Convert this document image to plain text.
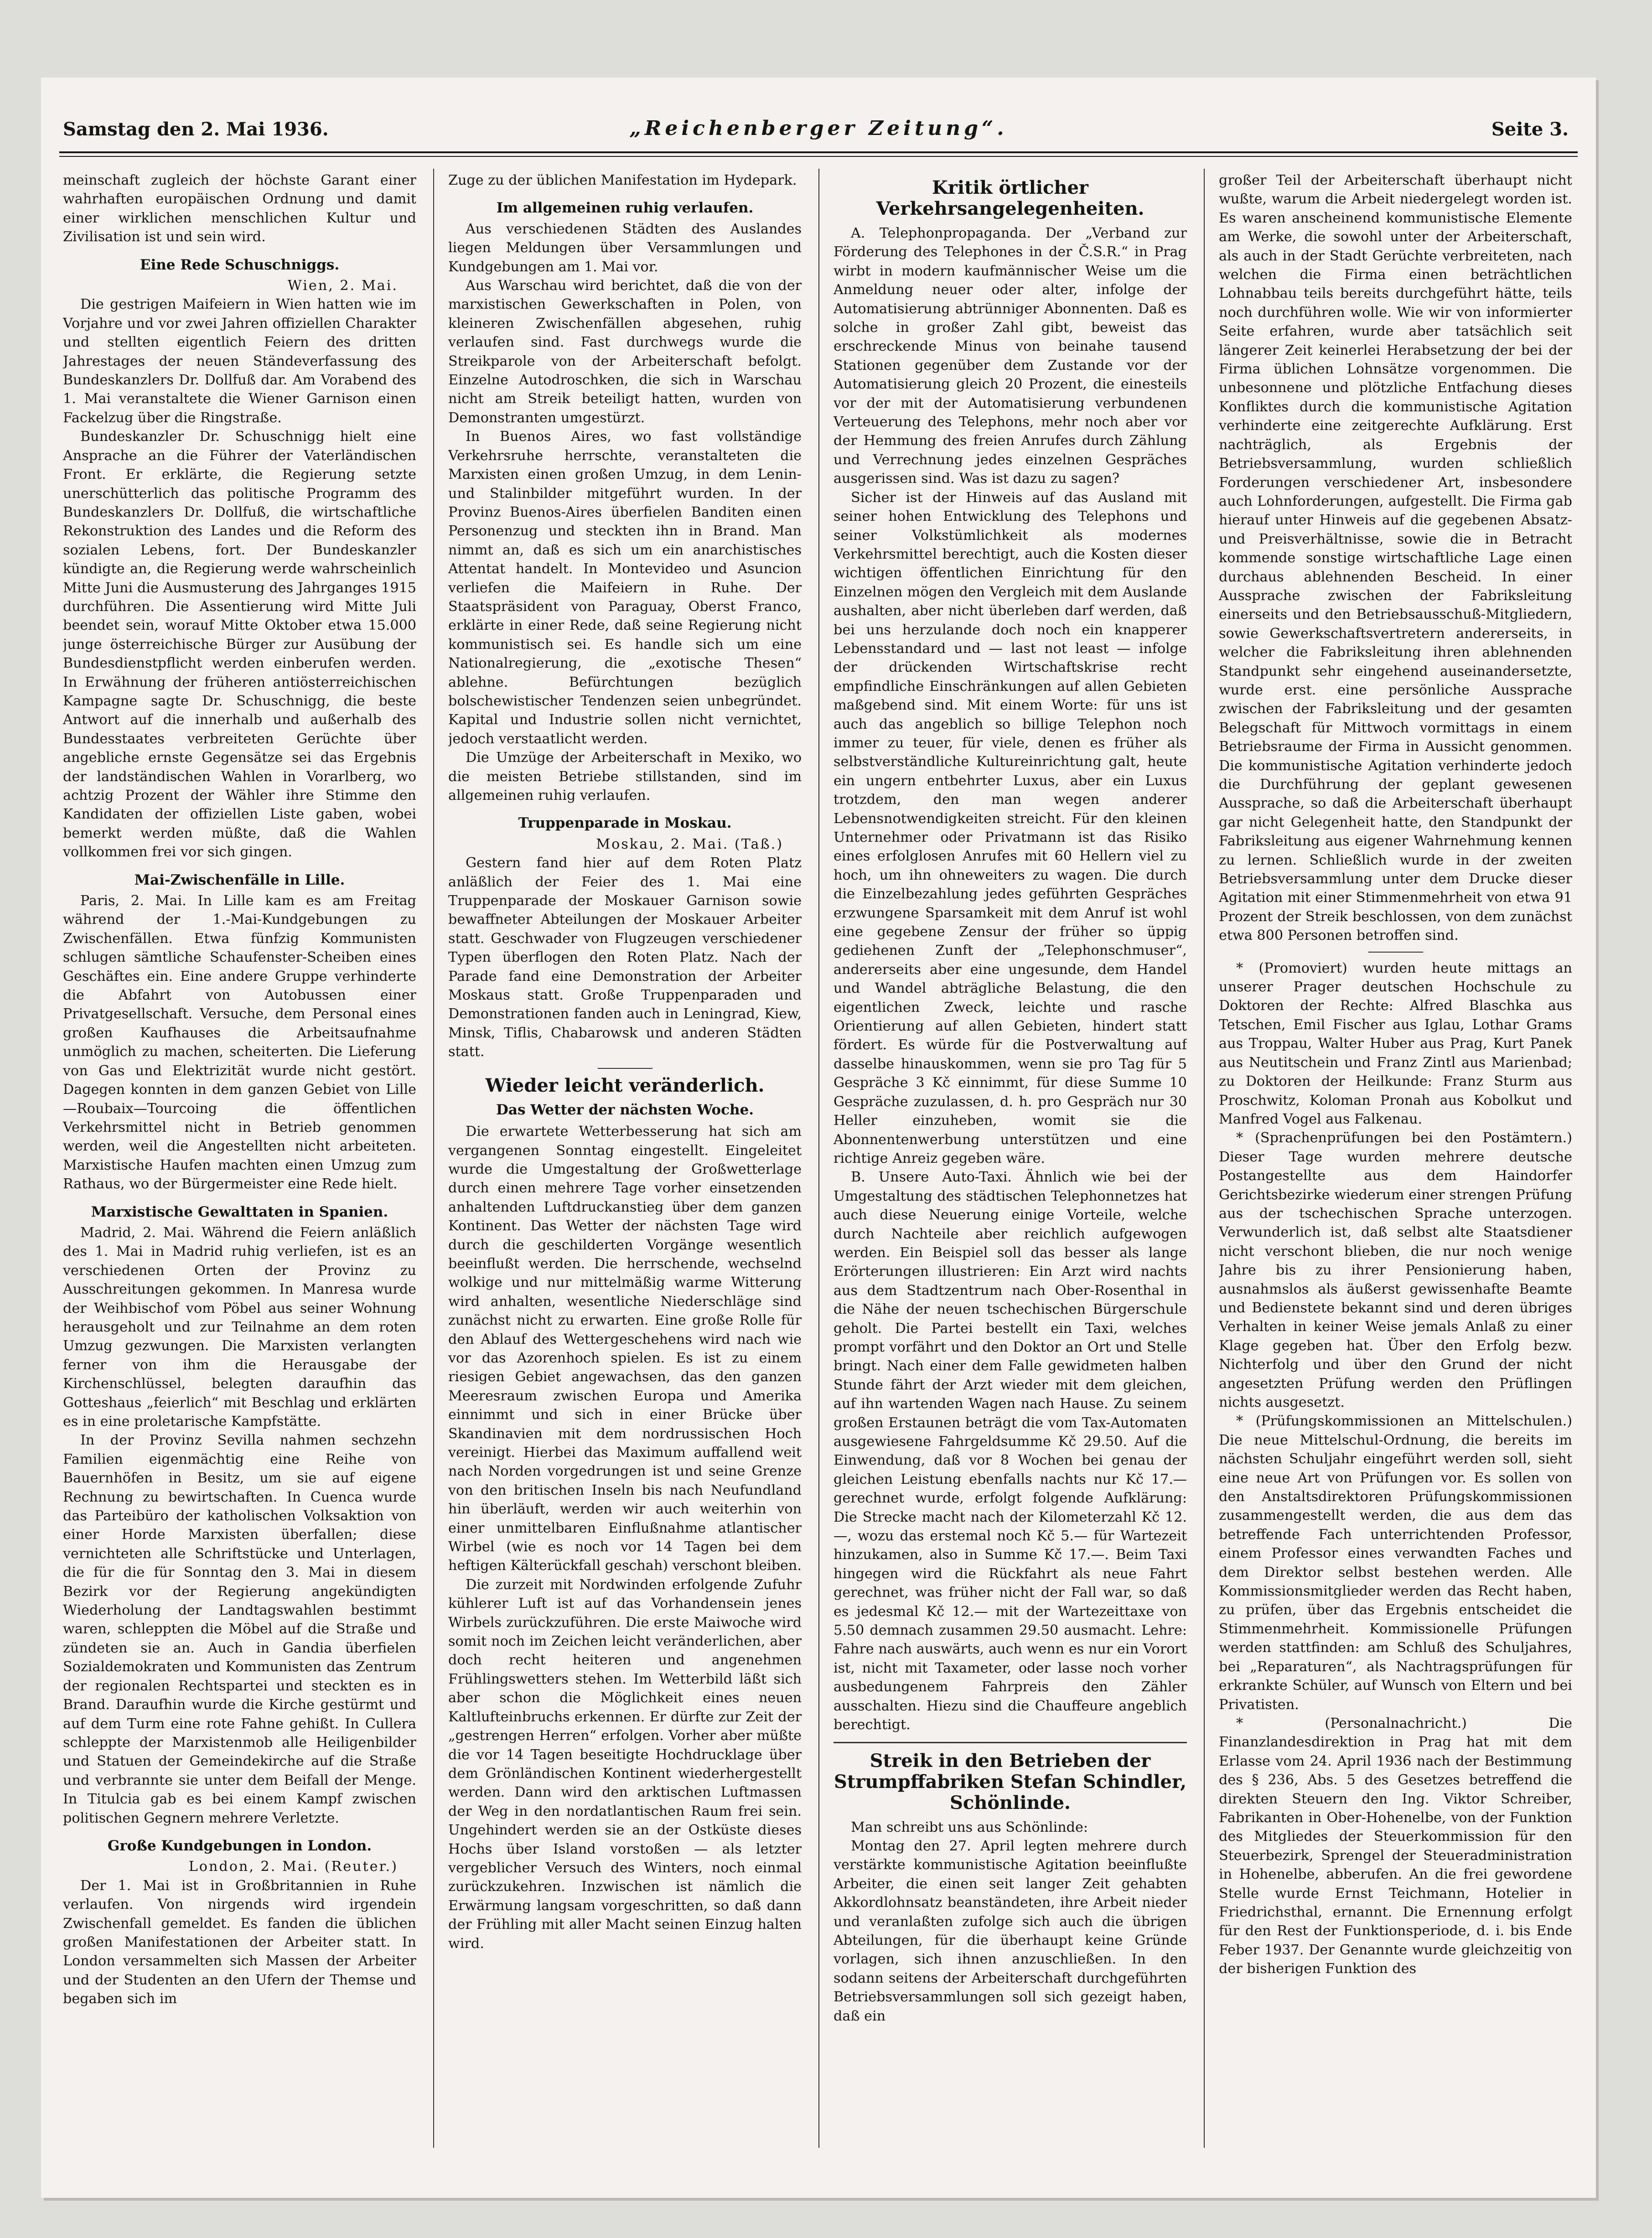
Samstag den 2. Mai 1936.	„Reichenberger Zeitung“.	Seite 3.

meinschaft zugleich der höchste Garant einer wahrhaften europäischen Ordnung und damit einer wirklichen menschlichen Kultur und Zivilisation ist und sein wird.

Eine Rede Schuschniggs.
Wien, 2. Mai.

Die gestrigen Maifeiern in Wien hatten wie im Vorjahre und vor zwei Jahren offiziellen Charakter und stellten eigentlich Feiern des dritten Jahrestages der neuen Ständeverfassung des Bundeskanzlers Dr. Dollfuß dar. Am Vorabend des 1. Mai veranstaltete die Wiener Garnison einen Fackelzug über die Ringstraße.

Bundeskanzler Dr. Schuschnigg hielt eine Ansprache an die Führer der Vaterländischen Front. Er erklärte, die Regierung setzte unerschütterlich das politische Programm des Bundeskanzlers Dr. Dollfuß, die wirtschaftliche Rekonstruktion des Landes und die Reform des sozialen Lebens, fort. Der Bundeskanzler kündigte an, die Regierung werde wahrscheinlich Mitte Juni die Ausmusterung des Jahrganges 1915 durchführen. Die Assentierung wird Mitte Juli beendet sein, worauf Mitte Oktober etwa 15.000 junge österreichische Bürger zur Ausübung der Bundesdienstpflicht werden einberufen werden. In Erwähnung der früheren antiösterreichischen Kampagne sagte Dr. Schuschnigg, die beste Antwort auf die innerhalb und außerhalb des Bundesstaates verbreiteten Gerüchte über angebliche ernste Gegensätze sei das Ergebnis der landständischen Wahlen in Vorarlberg, wo achtzig Prozent der Wähler ihre Stimme den Kandidaten der offiziellen Liste gaben, wobei bemerkt werden müßte, daß die Wahlen vollkommen frei vor sich gingen.

Mai-Zwischenfälle in Lille.

Paris, 2. Mai. In Lille kam es am Freitag während der 1.-Mai-Kundgebungen zu Zwischenfällen. Etwa fünfzig Kommunisten schlugen sämtliche Schaufenster-Scheiben eines Geschäftes ein. Eine andere Gruppe verhinderte die Abfahrt von Autobussen einer Privatgesellschaft. Versuche, dem Personal eines großen Kaufhauses die Arbeitsaufnahme unmöglich zu machen, scheiterten. Die Lieferung von Gas und Elektrizität wurde nicht gestört. Dagegen konnten in dem ganzen Gebiet von Lille—Roubaix—Tourcoing die öffentlichen Verkehrsmittel nicht in Betrieb genommen werden, weil die Angestellten nicht arbeiteten. Marxistische Haufen machten einen Umzug zum Rathaus, wo der Bürgermeister eine Rede hielt.

Marxistische Gewalttaten in Spanien.

Madrid, 2. Mai. Während die Feiern anläßlich des 1. Mai in Madrid ruhig verliefen, ist es an verschiedenen Orten der Provinz zu Ausschreitungen gekommen. In Manresa wurde der Weihbischof vom Pöbel aus seiner Wohnung herausgeholt und zur Teilnahme an dem roten Umzug gezwungen. Die Marxisten verlangten ferner von ihm die Herausgabe der Kirchenschlüssel, belegten daraufhin das Gotteshaus „feierlich“ mit Beschlag und erklärten es in eine proletarische Kampfstätte.

In der Provinz Sevilla nahmen sechzehn Familien eigenmächtig eine Reihe von Bauernhöfen in Besitz, um sie auf eigene Rechnung zu bewirtschaften. In Cuenca wurde das Parteibüro der katholischen Volksaktion von einer Horde Marxisten überfallen; diese vernichteten alle Schriftstücke und Unterlagen, die für die für Sonntag den 3. Mai in diesem Bezirk vor der Regierung angekündigten Wiederholung der Landtagswahlen bestimmt waren, schleppten die Möbel auf die Straße und zündeten sie an. Auch in Gandia überfielen Sozialdemokraten und Kommunisten das Zentrum der regionalen Rechtspartei und steckten es in Brand. Daraufhin wurde die Kirche gestürmt und auf dem Turm eine rote Fahne gehißt. In Cullera schleppte der Marxistenmob alle Heiligenbilder und Statuen der Gemeindekirche auf die Straße und verbrannte sie unter dem Beifall der Menge. In Titulcia gab es bei einem Kampf zwischen politischen Gegnern mehrere Verletzte.

Große Kundgebungen in London.
London, 2. Mai. (Reuter.)

Der 1. Mai ist in Großbritannien in Ruhe verlaufen. Von nirgends wird irgendein Zwischenfall gemeldet. Es fanden die üblichen großen Manifestationen der Arbeiter statt. In London versammelten sich Massen der Arbeiter und der Studenten an den Ufern der Themse und begaben sich im

Zuge zu der üblichen Manifestation im Hydepark.

Im allgemeinen ruhig verlaufen.

Aus verschiedenen Städten des Auslandes liegen Meldungen über Versammlungen und Kundgebungen am 1. Mai vor.

Aus Warschau wird berichtet, daß die von der marxistischen Gewerkschaften in Polen, von kleineren Zwischenfällen abgesehen, ruhig verlaufen sind. Fast durchwegs wurde die Streikparole von der Arbeiterschaft befolgt. Einzelne Autodroschken, die sich in Warschau nicht am Streik beteiligt hatten, wurden von Demonstranten umgestürzt.

In Buenos Aires, wo fast vollständige Verkehrsruhe herrschte, veranstalteten die Marxisten einen großen Umzug, in dem Lenin- und Stalinbilder mitgeführt wurden. In der Provinz Buenos-Aires überfielen Banditen einen Personenzug und steckten ihn in Brand. Man nimmt an, daß es sich um ein anarchistisches Attentat handelt. In Montevideo und Asuncion verliefen die Maifeiern in Ruhe. Der Staatspräsident von Paraguay, Oberst Franco, erklärte in einer Rede, daß seine Regierung nicht kommunistisch sei. Es handle sich um eine Nationalregierung, die „exotische Thesen“ ablehne. Befürchtungen bezüglich bolschewistischer Tendenzen seien unbegründet. Kapital und Industrie sollen nicht vernichtet, jedoch verstaatlicht werden.

Die Umzüge der Arbeiterschaft in Mexiko, wo die meisten Betriebe stillstanden, sind im allgemeinen ruhig verlaufen.

Truppenparade in Moskau.
Moskau, 2. Mai. (Taß.)

Gestern fand hier auf dem Roten Platz anläßlich der Feier des 1. Mai eine Truppenparade der Moskauer Garnison sowie bewaffneter Abteilungen der Moskauer Arbeiter statt. Geschwader von Flugzeugen verschiedener Typen überflogen den Roten Platz. Nach der Parade fand eine Demonstration der Arbeiter Moskaus statt. Große Truppenparaden und Demonstrationen fanden auch in Leningrad, Kiew, Minsk, Tiflis, Chabarowsk und anderen Städten statt.

Wieder leicht veränderlich.
Das Wetter der nächsten Woche.

Die erwartete Wetterbesserung hat sich am vergangenen Sonntag eingestellt. Eingeleitet wurde die Umgestaltung der Großwetterlage durch einen mehrere Tage vorher einsetzenden anhaltenden Luftdruckanstieg über dem ganzen Kontinent. Das Wetter der nächsten Tage wird durch die geschilderten Vorgänge wesentlich beeinflußt werden. Die herrschende, wechselnd wolkige und nur mittelmäßig warme Witterung wird anhalten, wesentliche Niederschläge sind zunächst nicht zu erwarten. Eine große Rolle für den Ablauf des Wettergeschehens wird nach wie vor das Azorenhoch spielen. Es ist zu einem riesigen Gebiet angewachsen, das den ganzen Meeresraum zwischen Europa und Amerika einnimmt und sich in einer Brücke über Skandinavien mit dem nordrussischen Hoch vereinigt. Hierbei das Maximum auffallend weit nach Norden vorgedrungen ist und seine Grenze von den britischen Inseln bis nach Neufundland hin überläuft, werden wir auch weiterhin von einer unmittelbaren Einflußnahme atlantischer Wirbel (wie es noch vor 14 Tagen bei dem heftigen Kälterückfall geschah) verschont bleiben.

Die zurzeit mit Nordwinden erfolgende Zufuhr kühlerer Luft ist auf das Vorhandensein jenes Wirbels zurückzuführen. Die erste Maiwoche wird somit noch im Zeichen leicht veränderlichen, aber doch recht heiteren und angenehmen Frühlingswetters stehen. Im Wetterbild läßt sich aber schon die Möglichkeit eines neuen Kaltlufteinbruchs erkennen. Er dürfte zur Zeit der „gestrengen Herren“ erfolgen. Vorher aber müßte die vor 14 Tagen beseitigte Hochdrucklage über dem Grönländischen Kontinent wiederhergestellt werden. Dann wird den arktischen Luftmassen der Weg in den nordatlantischen Raum frei sein. Ungehindert werden sie an der Ostküste dieses Hochs über Island vorstoßen — als letzter vergeblicher Versuch des Winters, noch einmal zurückzukehren. Inzwischen ist nämlich die Erwärmung langsam vorgeschritten, so daß dann der Frühling mit aller Macht seinen Einzug halten wird.

Kritik örtlicher Verkehrsangelegenheiten.

A. Telephonpropaganda. Der „Verband zur Förderung des Telephones in der Č.S.R.“ in Prag wirbt in modern kaufmännischer Weise um die Anmeldung neuer oder alter, infolge der Automatisierung abtrünniger Abonnenten. Daß es solche in großer Zahl gibt, beweist das erschreckende Minus von beinahe tausend Stationen gegenüber dem Zustande vor der Automatisierung gleich 20 Prozent, die einesteils vor der mit der Automatisierung verbundenen Verteuerung des Telephons, mehr noch aber vor der Hemmung des freien Anrufes durch Zählung und Verrechnung jedes einzelnen Gespräches ausgerissen sind. Was ist dazu zu sagen?

Sicher ist der Hinweis auf das Ausland mit seiner hohen Entwicklung des Telephons und seiner Volkstümlichkeit als modernes Verkehrsmittel berechtigt, auch die Kosten dieser wichtigen öffentlichen Einrichtung für den Einzelnen mögen den Vergleich mit dem Auslande aushalten, aber nicht überleben darf werden, daß bei uns herzulande doch noch ein knapperer Lebensstandard und — last not least — infolge der drückenden Wirtschaftskrise recht empfindliche Einschränkungen auf allen Gebieten maßgebend sind. Mit einem Worte: für uns ist auch das angeblich so billige Telephon noch immer zu teuer, für viele, denen es früher als selbstverständliche Kultureinrichtung galt, heute ein ungern entbehrter Luxus, aber ein Luxus trotzdem, den man wegen anderer Lebensnotwendigkeiten streicht. Für den kleinen Unternehmer oder Privatmann ist das Risiko eines erfolglosen Anrufes mit 60 Hellern viel zu hoch, um ihn ohneweiters zu wagen. Die durch die Einzelbezahlung jedes geführten Gespräches erzwungene Sparsamkeit mit dem Anruf ist wohl eine gegebene Zensur der früher so üppig gediehenen Zunft der „Telephonschmuser“, andererseits aber eine ungesunde, dem Handel und Wandel abträgliche Belastung, die den eigentlichen Zweck, leichte und rasche Orientierung auf allen Gebieten, hindert statt fördert. Es würde für die Postverwaltung auf dasselbe hinauskommen, wenn sie pro Tag für 5 Gespräche 3 Kč einnimmt, für diese Summe 10 Gespräche zuzulassen, d. h. pro Gespräch nur 30 Heller einzuheben, womit sie die Abonnentenwerbung unterstützen und eine richtige Anreiz gegeben wäre.

B. Unsere Auto-Taxi. Ähnlich wie bei der Umgestaltung des städtischen Telephonnetzes hat auch diese Neuerung einige Vorteile, welche durch Nachteile aber reichlich aufgewogen werden. Ein Beispiel soll das besser als lange Erörterungen illustrieren: Ein Arzt wird nachts aus dem Stadtzentrum nach Ober-Rosenthal in die Nähe der neuen tschechischen Bürgerschule geholt. Die Partei bestellt ein Taxi, welches prompt vorfährt und den Doktor an Ort und Stelle bringt. Nach einer dem Falle gewidmeten halben Stunde fährt der Arzt wieder mit dem gleichen, auf ihn wartenden Wagen nach Hause. Zu seinem großen Erstaunen beträgt die vom Tax-Automaten ausgewiesene Fahrgeldsumme Kč 29.50. Auf die Einwendung, daß vor 8 Wochen bei genau der gleichen Leistung ebenfalls nachts nur Kč 17.— gerechnet wurde, erfolgt folgende Aufklärung: Die Strecke macht nach der Kilometerzahl Kč 12.—, wozu das erstemal noch Kč 5.— für Wartezeit hinzukamen, also in Summe Kč 17.—. Beim Taxi hingegen wird die Rückfahrt als neue Fahrt gerechnet, was früher nicht der Fall war, so daß es jedesmal Kč 12.— mit der Wartezeittaxe von 5.50 demnach zusammen 29.50 ausmacht. Lehre: Fahre nach auswärts, auch wenn es nur ein Vorort ist, nicht mit Taxameter, oder lasse noch vorher ausbedungenem Fahrpreis den Zähler ausschalten. Hiezu sind die Chauffeure angeblich berechtigt.

Streik in den Betrieben der Strumpffabriken Stefan Schindler, Schönlinde.

Man schreibt uns aus Schönlinde:

Montag den 27. April legten mehrere durch verstärkte kommunistische Agitation beeinflußte Arbeiter, die einen seit langer Zeit gehabten Akkordlohnsatz beanständeten, ihre Arbeit nieder und veranlaßten zufolge sich auch die übrigen Abteilungen, für die überhaupt keine Gründe vorlagen, sich ihnen anzuschließen. In den sodann seitens der Arbeiterschaft durchgeführten Betriebsversammlungen soll sich gezeigt haben, daß ein

großer Teil der Arbeiterschaft überhaupt nicht wußte, warum die Arbeit niedergelegt worden ist. Es waren anscheinend kommunistische Elemente am Werke, die sowohl unter der Arbeiterschaft, als auch in der Stadt Gerüchte verbreiteten, nach welchen die Firma einen beträchtlichen Lohnabbau teils bereits durchgeführt hätte, teils noch durchführen wolle. Wie wir von informierter Seite erfahren, wurde aber tatsächlich seit längerer Zeit keinerlei Herabsetzung der bei der Firma üblichen Lohnsätze vorgenommen. Die unbesonnene und plötzliche Entfachung dieses Konfliktes durch die kommunistische Agitation verhinderte eine zeitgerechte Aufklärung. Erst nachträglich, als Ergebnis der Betriebsversammlung, wurden schließlich Forderungen verschiedener Art, insbesondere auch Lohnforderungen, aufgestellt. Die Firma gab hierauf unter Hinweis auf die gegebenen Absatz- und Preisverhältnisse, sowie die in Betracht kommende sonstige wirtschaftliche Lage einen durchaus ablehnenden Bescheid. In einer Aussprache zwischen der Fabriksleitung einerseits und den Betriebsausschuß-Mitgliedern, sowie Gewerkschaftsvertretern andererseits, in welcher die Fabriksleitung ihren ablehnenden Standpunkt sehr eingehend auseinandersetzte, wurde erst. eine persönliche Aussprache zwischen der Fabriksleitung und der gesamten Belegschaft für Mittwoch vormittags in einem Betriebsraume der Firma in Aussicht genommen. Die kommunistische Agitation verhinderte jedoch die Durchführung der geplant gewesenen Aussprache, so daß die Arbeiterschaft überhaupt gar nicht Gelegenheit hatte, den Standpunkt der Fabriksleitung aus eigener Wahrnehmung kennen zu lernen. Schließlich wurde in der zweiten Betriebsversammlung unter dem Drucke dieser Agitation mit einer Stimmenmehrheit von etwa 91 Prozent der Streik beschlossen, von dem zunächst etwa 800 Personen betroffen sind.

* (Promoviert) wurden heute mittags an unserer Prager deutschen Hochschule zu Doktoren der Rechte: Alfred Blaschka aus Tetschen, Emil Fischer aus Iglau, Lothar Grams aus Troppau, Walter Huber aus Prag, Kurt Panek aus Neutitschein und Franz Zintl aus Marienbad; zu Doktoren der Heilkunde: Franz Sturm aus Proschwitz, Koloman Pronah aus Kobolkut und Manfred Vogel aus Falkenau.

* (Sprachenprüfungen bei den Postämtern.) Dieser Tage wurden mehrere deutsche Postangestellte aus dem Haindorfer Gerichtsbezirke wiederum einer strengen Prüfung aus der tschechischen Sprache unterzogen. Verwunderlich ist, daß selbst alte Staatsdiener nicht verschont blieben, die nur noch wenige Jahre bis zu ihrer Pensionierung haben, ausnahmslos als äußerst gewissenhafte Beamte und Bedienstete bekannt sind und deren übriges Verhalten in keiner Weise jemals Anlaß zu einer Klage gegeben hat. Über den Erfolg bezw. Nichterfolg und über den Grund der nicht angesetzten Prüfung werden den Prüflingen nichts ausgesetzt.

* (Prüfungskommissionen an Mittelschulen.) Die neue Mittelschul-Ordnung, die bereits im nächsten Schuljahr eingeführt werden soll, sieht eine neue Art von Prüfungen vor. Es sollen von den Anstaltsdirektoren Prüfungskommissionen zusammengestellt werden, die aus dem das betreffende Fach unterrichtenden Professor, einem Professor eines verwandten Faches und dem Direktor selbst bestehen werden. Alle Kommissionsmitglieder werden das Recht haben, zu prüfen, über das Ergebnis entscheidet die Stimmenmehrheit. Kommissionelle Prüfungen werden stattfinden: am Schluß des Schuljahres, bei „Reparaturen“, als Nachtragsprüfungen für erkrankte Schüler, auf Wunsch von Eltern und bei Privatisten.

* (Personalnachricht.) Die Finanzlandesdirektion in Prag hat mit dem Erlasse vom 24. April 1936 nach der Bestimmung des § 236, Abs. 5 des Gesetzes betreffend die direkten Steuern den Ing. Viktor Schreiber, Fabrikanten in Ober-Hohenelbe, von der Funktion des Mitgliedes der Steuerkommission für den Steuerbezirk, Sprengel der Steueradministration in Hohenelbe, abberufen. An die frei gewordene Stelle wurde Ernst Teichmann, Hotelier in Friedrichsthal, ernannt. Die Ernennung erfolgt für den Rest der Funktionsperiode, d. i. bis Ende Feber 1937. Der Genannte wurde gleichzeitig von der bisherigen Funktion des
